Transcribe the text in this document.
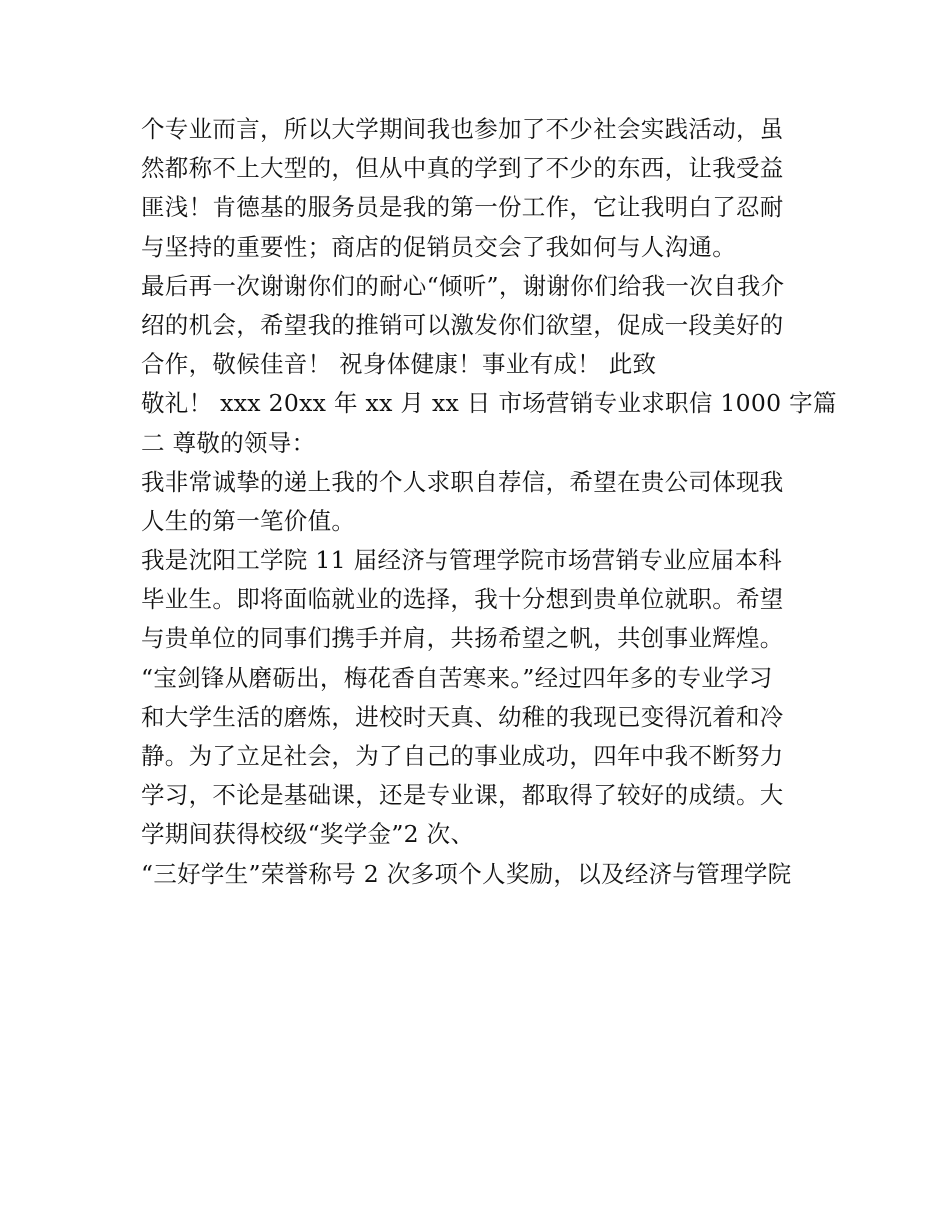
个专业而言，所以大学期间我也参加了不少社会实践活动，虽
然都称不上大型的，但从中真的学到了不少的东西，让我受益
匪浅！肯德基的服务员是我的第一份工作，它让我明白了忍耐
与坚持的重要性；商店的促销员交会了我如何与人沟通。
最后再一次谢谢你们的耐心“倾听”，谢谢你们给我一次自我介
绍的机会，希望我的推销可以激发你们欲望，促成一段美好的
合作，敬候佳音！ 祝身体健康！事业有成！ 此致
敬礼！ xxx 20xx 年 xx 月 xx 日 市场营销专业求职信 1000 字篇
二 尊敬的领导：
我非常诚挚的递上我的个人求职自荐信，希望在贵公司体现我
人生的第一笔价值。
我是沈阳工学院 11 届经济与管理学院市场营销专业应届本科
毕业生。即将面临就业的选择，我十分想到贵单位就职。希望
与贵单位的同事们携手并肩，共扬希望之帆，共创事业辉煌。
“宝剑锋从磨砺出，梅花香自苦寒来。”经过四年多的专业学习
和大学生活的磨炼，进校时天真、幼稚的我现已变得沉着和冷
静。为了立足社会，为了自己的事业成功，四年中我不断努力
学习，不论是基础课，还是专业课，都取得了较好的成绩。大
学期间获得校级“奖学金”2 次、
“三好学生”荣誉称号 2 次多项个人奖励，以及经济与管理学院
